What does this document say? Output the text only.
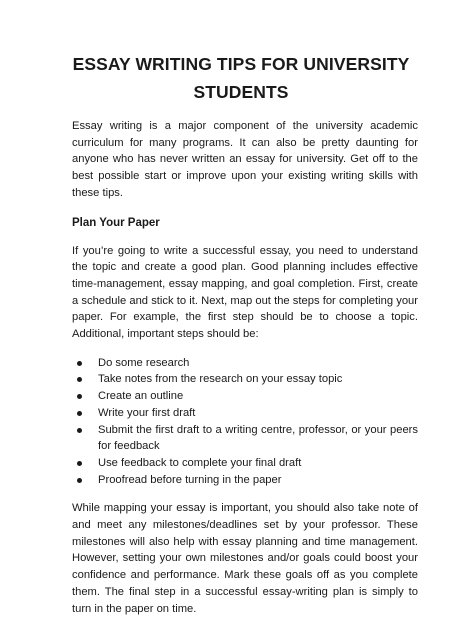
ESSAY WRITING TIPS FOR UNIVERSITY
STUDENTS

Essay writing is a major component of the university academic curriculum for many programs. It can also be pretty daunting for anyone who has never written an essay for university. Get off to the best possible start or improve upon your existing writing skills with these tips.

Plan Your Paper

If you’re going to write a successful essay, you need to understand the topic and create a good plan. Good planning includes effective time-management, essay mapping, and goal completion. First, create a schedule and stick to it. Next, map out the steps for completing your paper. For example, the first step should be to choose a topic. Additional, important steps should be:

Do some research
Take notes from the research on your essay topic
Create an outline
Write your first draft
Submit the first draft to a writing centre, professor, or your peers for feedback
Use feedback to complete your final draft
Proofread before turning in the paper

While mapping your essay is important, you should also take note of and meet any milestones/deadlines set by your professor. These milestones will also help with essay planning and time management. However, setting your own milestones and/or goals could boost your confidence and performance. Mark these goals off as you complete them. The final step in a successful essay-writing plan is simply to turn in the paper on time.
